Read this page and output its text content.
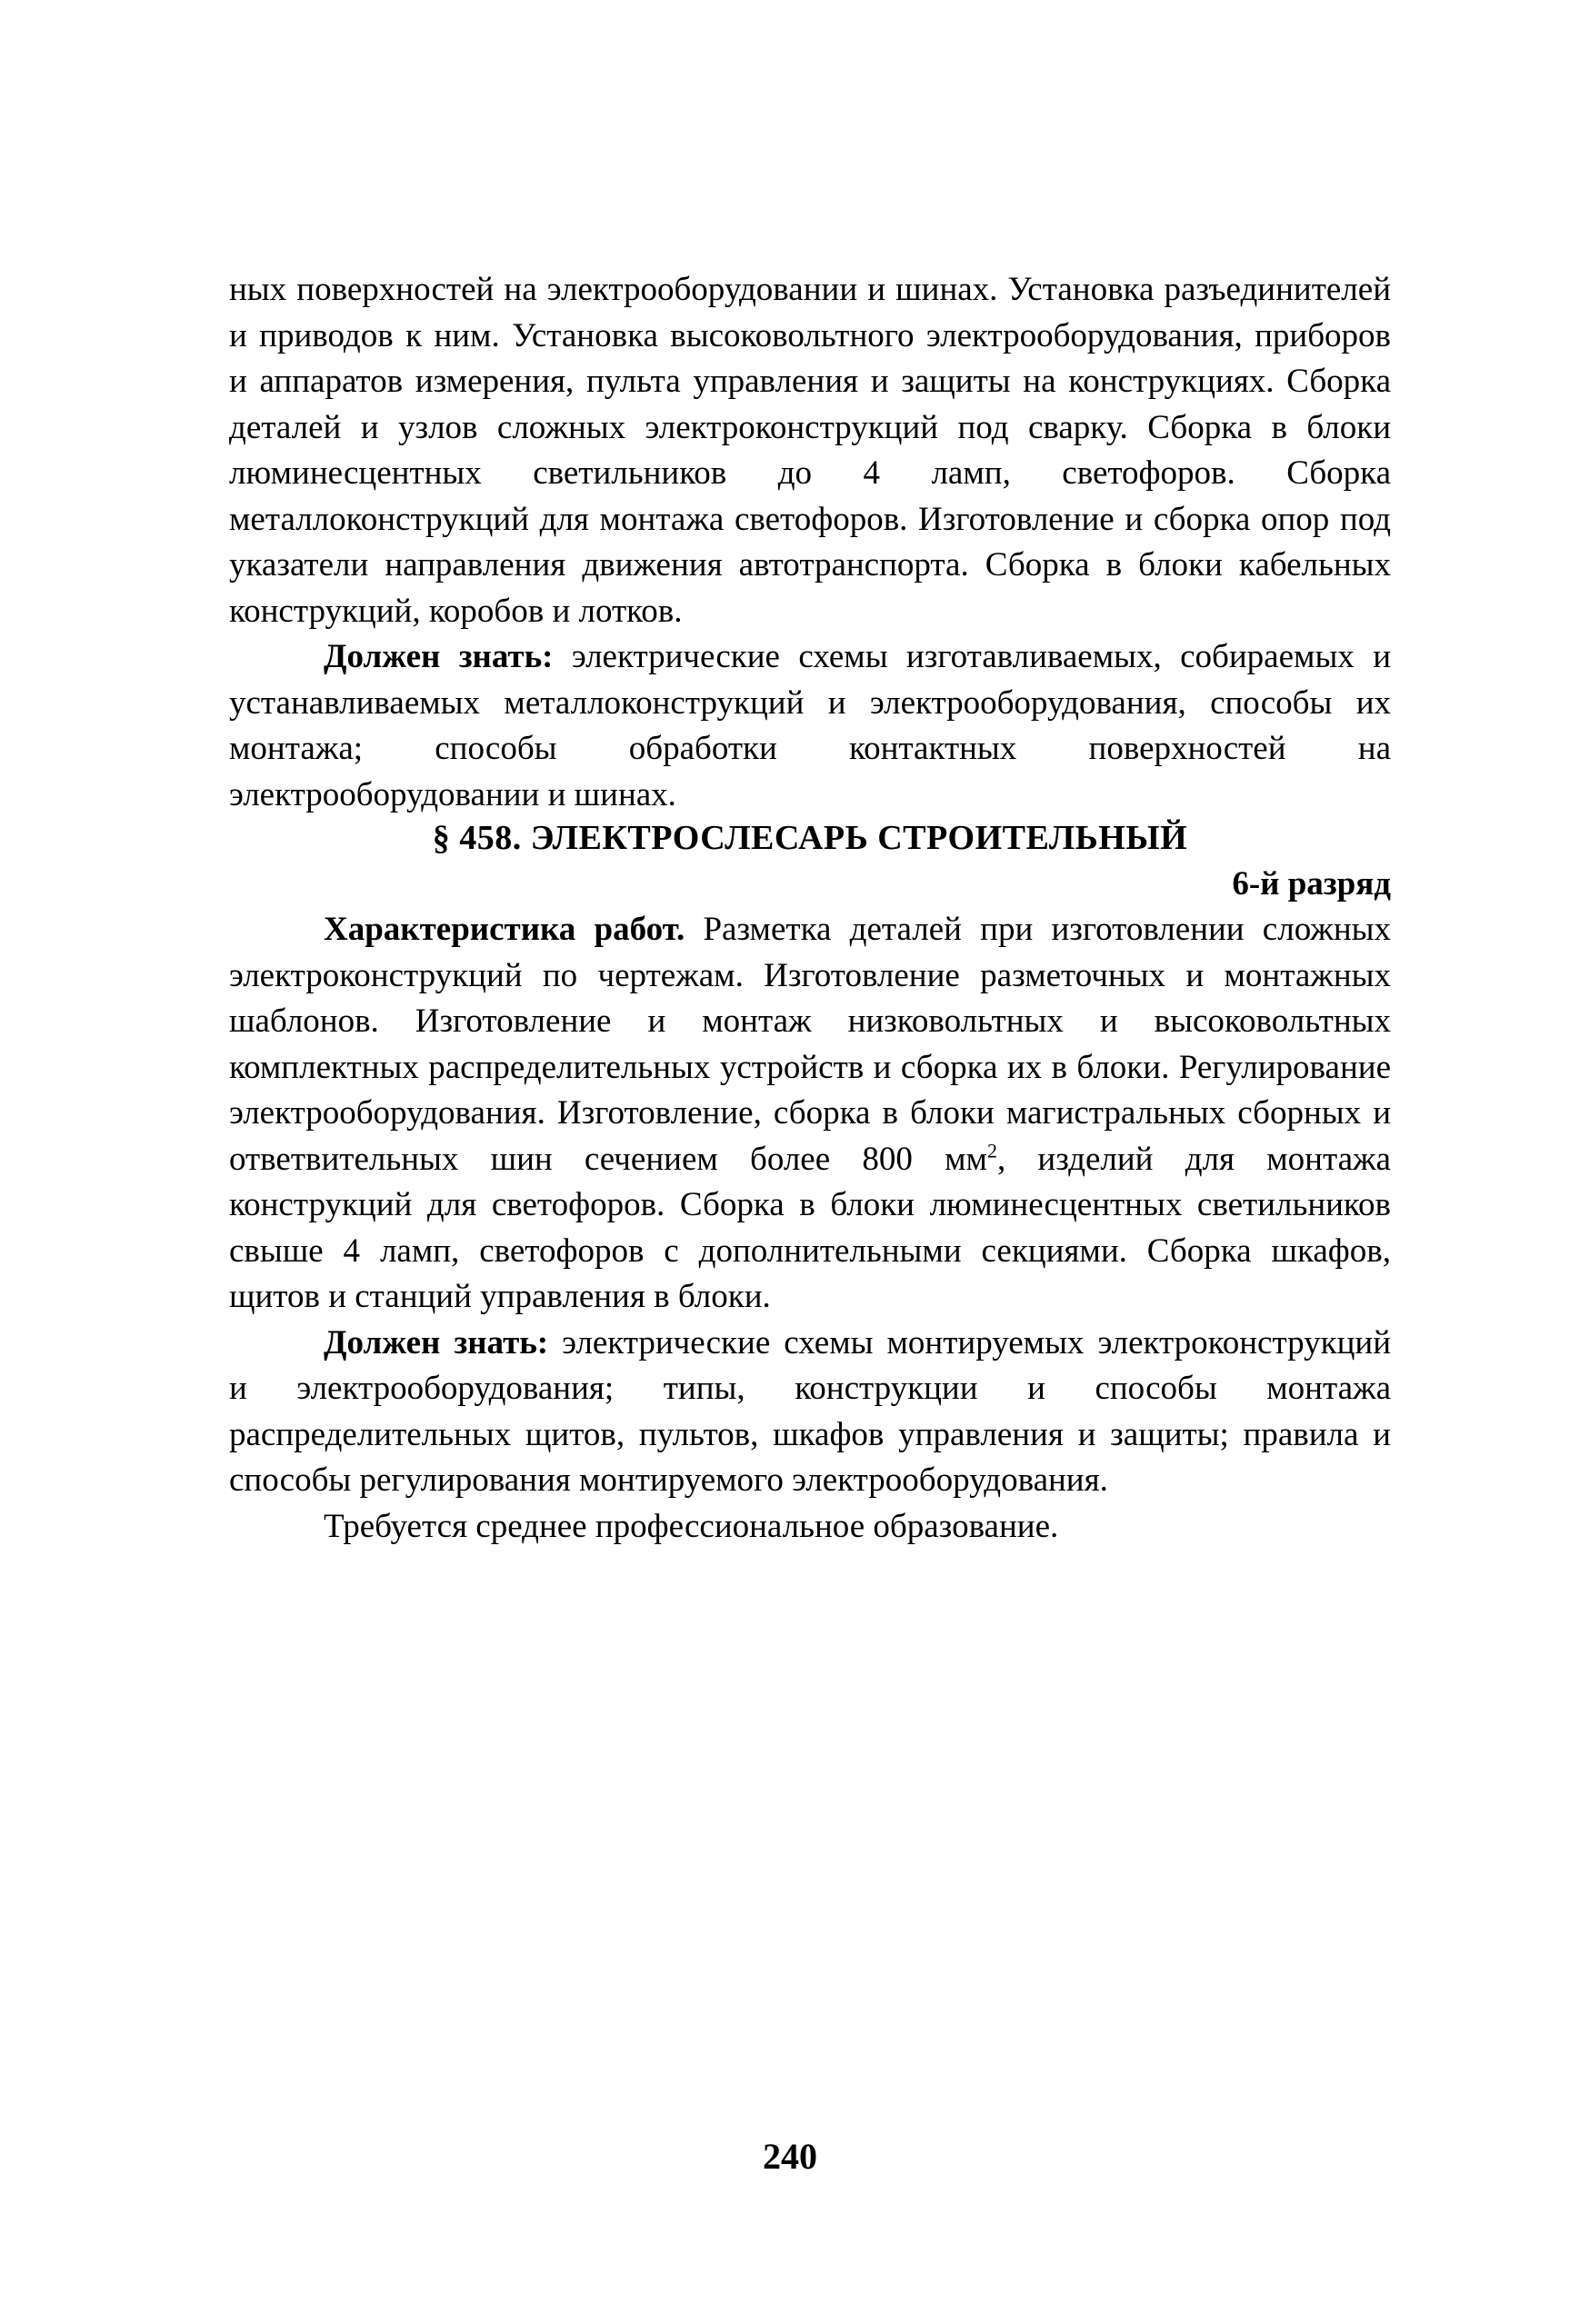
ных поверхностей на электрооборудовании и шинах. Установка разъединителей и приводов к ним. Установка высоковольтного электрооборудования, приборов и аппаратов измерения, пульта управления и защиты на конструкциях. Сборка деталей и узлов сложных электроконструкций под сварку. Сборка в блоки люминесцентных светильников до 4 ламп, светофоров. Сборка металлоконструкций для монтажа светофоров. Изготовление и сборка опор под указатели направления движения автотранспорта. Сборка в блоки кабельных конструкций, коробов и лотков.

Должен знать: электрические схемы изготавливаемых, собираемых и устанавливаемых металлоконструкций и электрооборудования, способы их монтажа; способы обработки контактных поверхностей на электрооборудовании и шинах.

§ 458. ЭЛЕКТРОСЛЕСАРЬ СТРОИТЕЛЬНЫЙ

6-й разряд

Характеристика работ. Разметка деталей при изготовлении сложных электроконструкций по чертежам. Изготовление разметочных и монтажных шаблонов. Изготовление и монтаж низковольтных и высоковольтных комплектных распределительных устройств и сборка их в блоки. Регулирование электрооборудования. Изготовление, сборка в блоки магистральных сборных и ответвительных шин сечением более 800 $мм^2$, изделий для монтажа конструкций для светофоров. Сборка в блоки люминесцентных светильников свыше 4 ламп, светофоров с дополнительными секциями. Сборка шкафов, щитов и станций управления в блоки.

Должен знать: электрические схемы монтируемых электроконструкций и электрооборудования; типы, конструкции и способы монтажа распределительных щитов, пультов, шкафов управления и защиты; правила и способы регулирования монтируемого электрооборудования.

Требуется среднее профессиональное образование.

240
